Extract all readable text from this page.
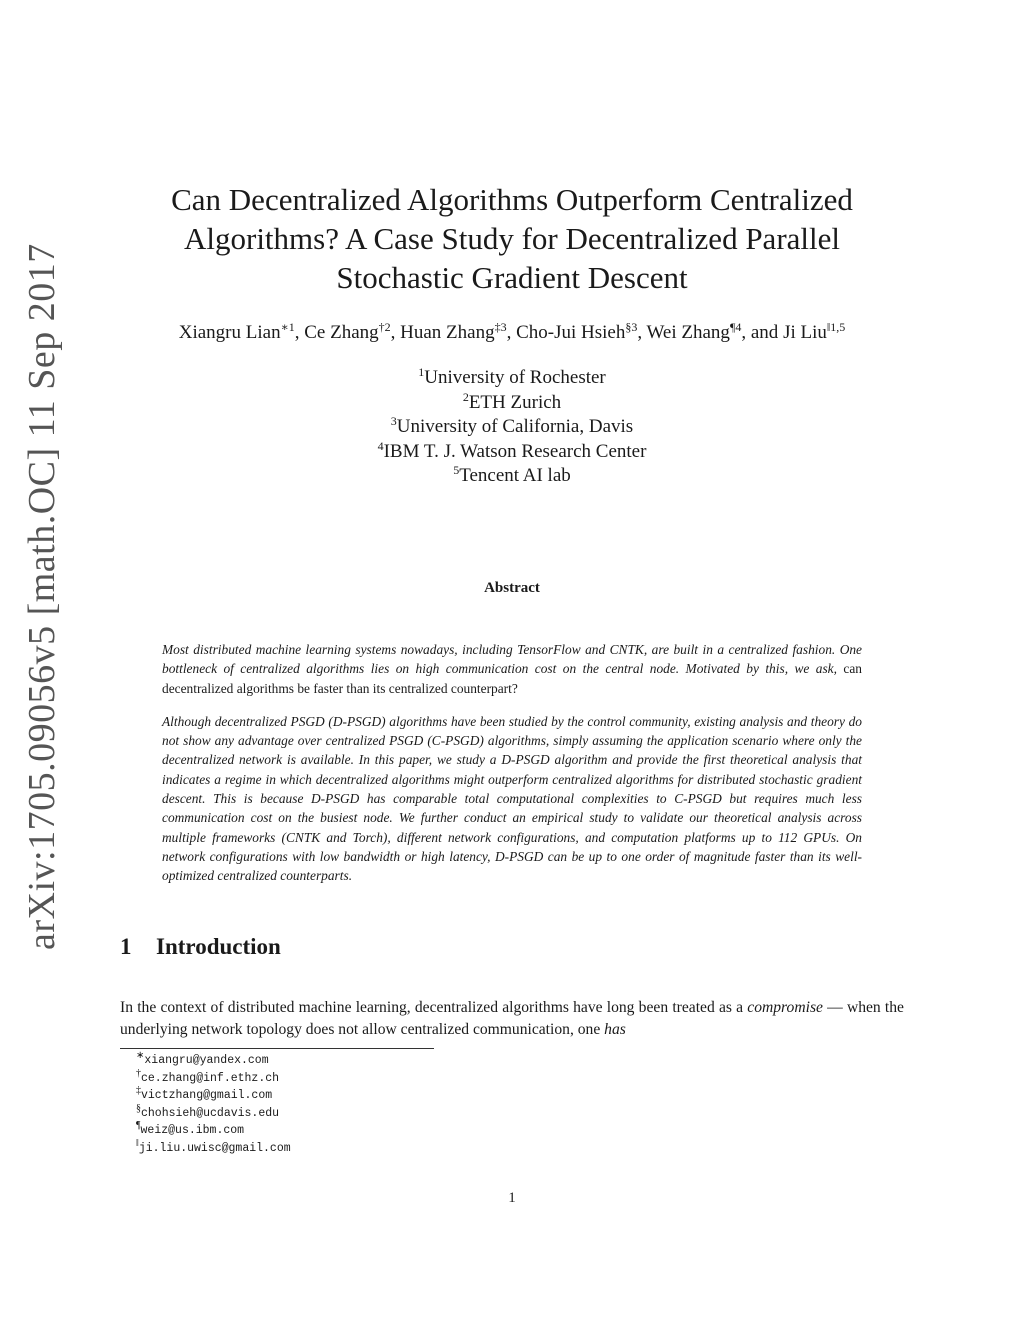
arXiv:1705.09056v5 [math.OC] 11 Sep 2017
Can Decentralized Algorithms Outperform Centralized
Algorithms? A Case Study for Decentralized Parallel
Stochastic Gradient Descent
Xiangru Lian$^{∗1}$, Ce Zhang$^{\dagger 2}$, Huan Zhang$^{\ddagger 3}$, Cho-Jui Hsieh$^{\S 3}$, Wei Zhang$^{\P 4}$, and Ji Liu$^{‖1,5}$
$^1$University of Rochester
$^2$ETH Zurich
$^3$University of California, Davis
$^4$IBM T. J. Watson Research Center
$^5$Tencent AI lab
Abstract

Most distributed machine learning systems nowadays, including TensorFlow and CNTK, are built in a centralized fashion. One bottleneck of centralized algorithms lies on high communication cost on the central node. Motivated by this, we ask, can decentralized algorithms be faster than its centralized counterpart?

Although decentralized PSGD (D-PSGD) algorithms have been studied by the control community, existing analysis and theory do not show any advantage over centralized PSGD (C-PSGD) algorithms, simply assuming the application scenario where only the decentralized network is available. In this paper, we study a D-PSGD algorithm and provide the first theoretical analysis that indicates a regime in which decentralized algorithms might outperform centralized algorithms for distributed stochastic gradient descent. This is because D-PSGD has comparable total computational complexities to C-PSGD but requires much less communication cost on the busiest node. We further conduct an empirical study to validate our theoretical analysis across multiple frameworks (CNTK and Torch), different network configurations, and computation platforms up to 112 GPUs. On network configurations with low bandwidth or high latency, D-PSGD can be up to one order of magnitude faster than its well-optimized centralized counterparts.

1 Introduction

In the context of distributed machine learning, decentralized algorithms have long been treated as a compromise — when the underlying network topology does not allow centralized communication, one has

∗xiangru@yandex.com
†ce.zhang@inf.ethz.ch
‡victzhang@gmail.com
§chohsieh@ucdavis.edu
¶weiz@us.ibm.com
‖ji.liu.uwisc@gmail.com
1
